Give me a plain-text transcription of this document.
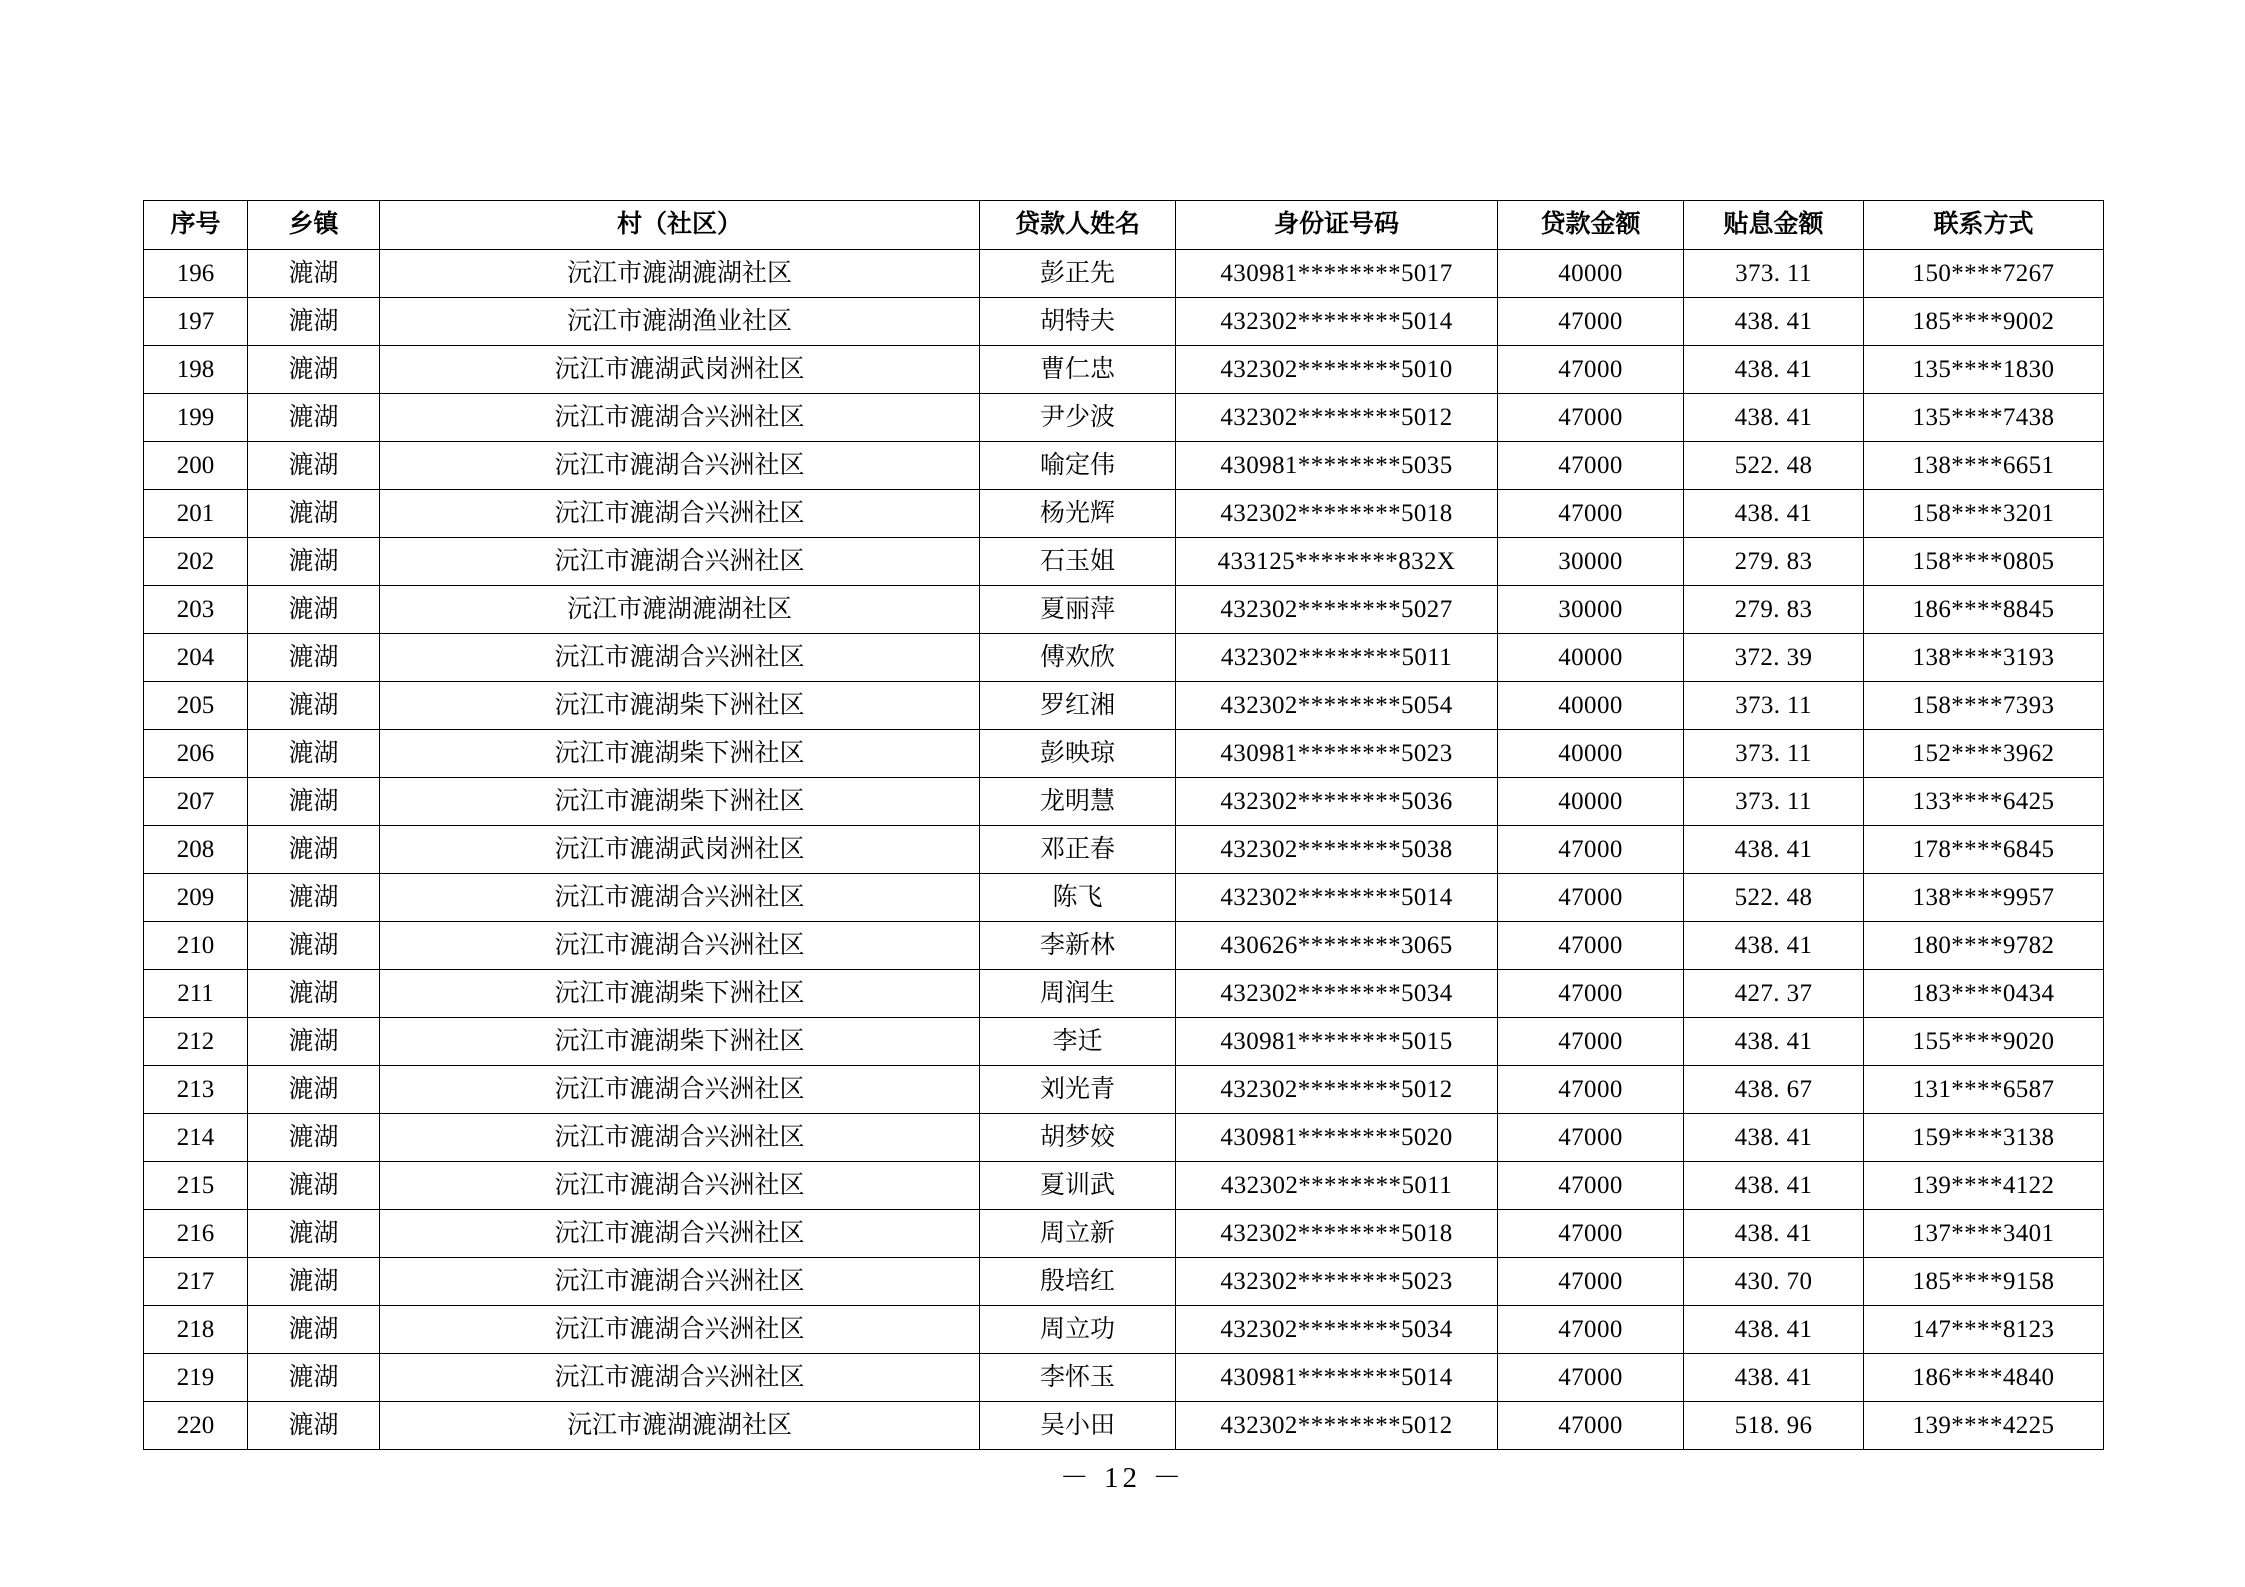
序号	乡镇	村（社区）	贷款人姓名	身份证号码	贷款金额	贴息金额	联系方式
196	漉湖	沅江市漉湖漉湖社区	彭正先	430981********5017	40000	373. 11	150****7267
197	漉湖	沅江市漉湖渔业社区	胡特夫	432302********5014	47000	438. 41	185****9002
198	漉湖	沅江市漉湖武岗洲社区	曹仁忠	432302********5010	47000	438. 41	135****1830
199	漉湖	沅江市漉湖合兴洲社区	尹少波	432302********5012	47000	438. 41	135****7438
200	漉湖	沅江市漉湖合兴洲社区	喻定伟	430981********5035	47000	522. 48	138****6651
201	漉湖	沅江市漉湖合兴洲社区	杨光辉	432302********5018	47000	438. 41	158****3201
202	漉湖	沅江市漉湖合兴洲社区	石玉姐	433125********832X	30000	279. 83	158****0805
203	漉湖	沅江市漉湖漉湖社区	夏丽萍	432302********5027	30000	279. 83	186****8845
204	漉湖	沅江市漉湖合兴洲社区	傅欢欣	432302********5011	40000	372. 39	138****3193
205	漉湖	沅江市漉湖柴下洲社区	罗红湘	432302********5054	40000	373. 11	158****7393
206	漉湖	沅江市漉湖柴下洲社区	彭映琼	430981********5023	40000	373. 11	152****3962
207	漉湖	沅江市漉湖柴下洲社区	龙明慧	432302********5036	40000	373. 11	133****6425
208	漉湖	沅江市漉湖武岗洲社区	邓正春	432302********5038	47000	438. 41	178****6845
209	漉湖	沅江市漉湖合兴洲社区	陈飞	432302********5014	47000	522. 48	138****9957
210	漉湖	沅江市漉湖合兴洲社区	李新林	430626********3065	47000	438. 41	180****9782
211	漉湖	沅江市漉湖柴下洲社区	周润生	432302********5034	47000	427. 37	183****0434
212	漉湖	沅江市漉湖柴下洲社区	李迁	430981********5015	47000	438. 41	155****9020
213	漉湖	沅江市漉湖合兴洲社区	刘光青	432302********5012	47000	438. 67	131****6587
214	漉湖	沅江市漉湖合兴洲社区	胡梦姣	430981********5020	47000	438. 41	159****3138
215	漉湖	沅江市漉湖合兴洲社区	夏训武	432302********5011	47000	438. 41	139****4122
216	漉湖	沅江市漉湖合兴洲社区	周立新	432302********5018	47000	438. 41	137****3401
217	漉湖	沅江市漉湖合兴洲社区	殷培红	432302********5023	47000	430. 70	185****9158
218	漉湖	沅江市漉湖合兴洲社区	周立功	432302********5034	47000	438. 41	147****8123
219	漉湖	沅江市漉湖合兴洲社区	李怀玉	430981********5014	47000	438. 41	186****4840
220	漉湖	沅江市漉湖漉湖社区	吴小田	432302********5012	47000	518. 96	139****4225
－ 12 －
